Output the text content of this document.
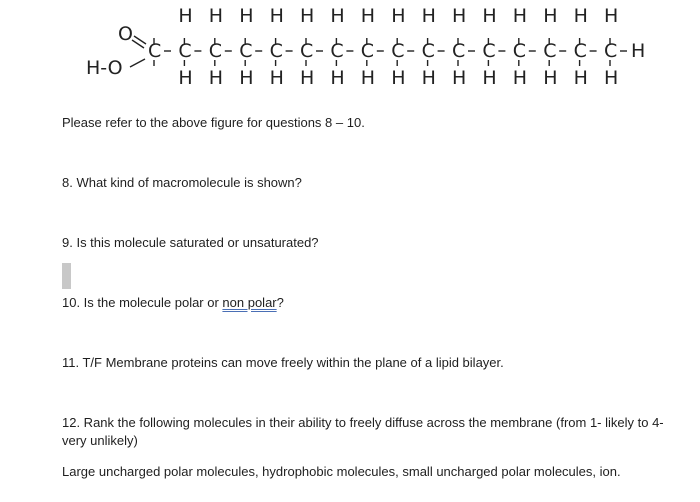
O
H-O
C C
H
H
C
H
H
C
H
H
C
H
H
C
H
H
C
H
H
C
H
H
C
H
H
C
H
H
C
H
H
C
H
H
C
H
H
C
H
H
C
H
H
C
H
H
H
Please refer to the above figure for questions 8 – 10.
8. What kind of macromolecule is shown?
9. Is this molecule saturated or unsaturated?
10. Is the molecule polar or non polar?
11. T/F Membrane proteins can move freely within the plane of a lipid bilayer.
12. Rank the following molecules in their ability to freely diffuse across the membrane (from 1- likely to 4- very unlikely)
Large uncharged polar molecules, hydrophobic molecules, small uncharged polar molecules, ion.
